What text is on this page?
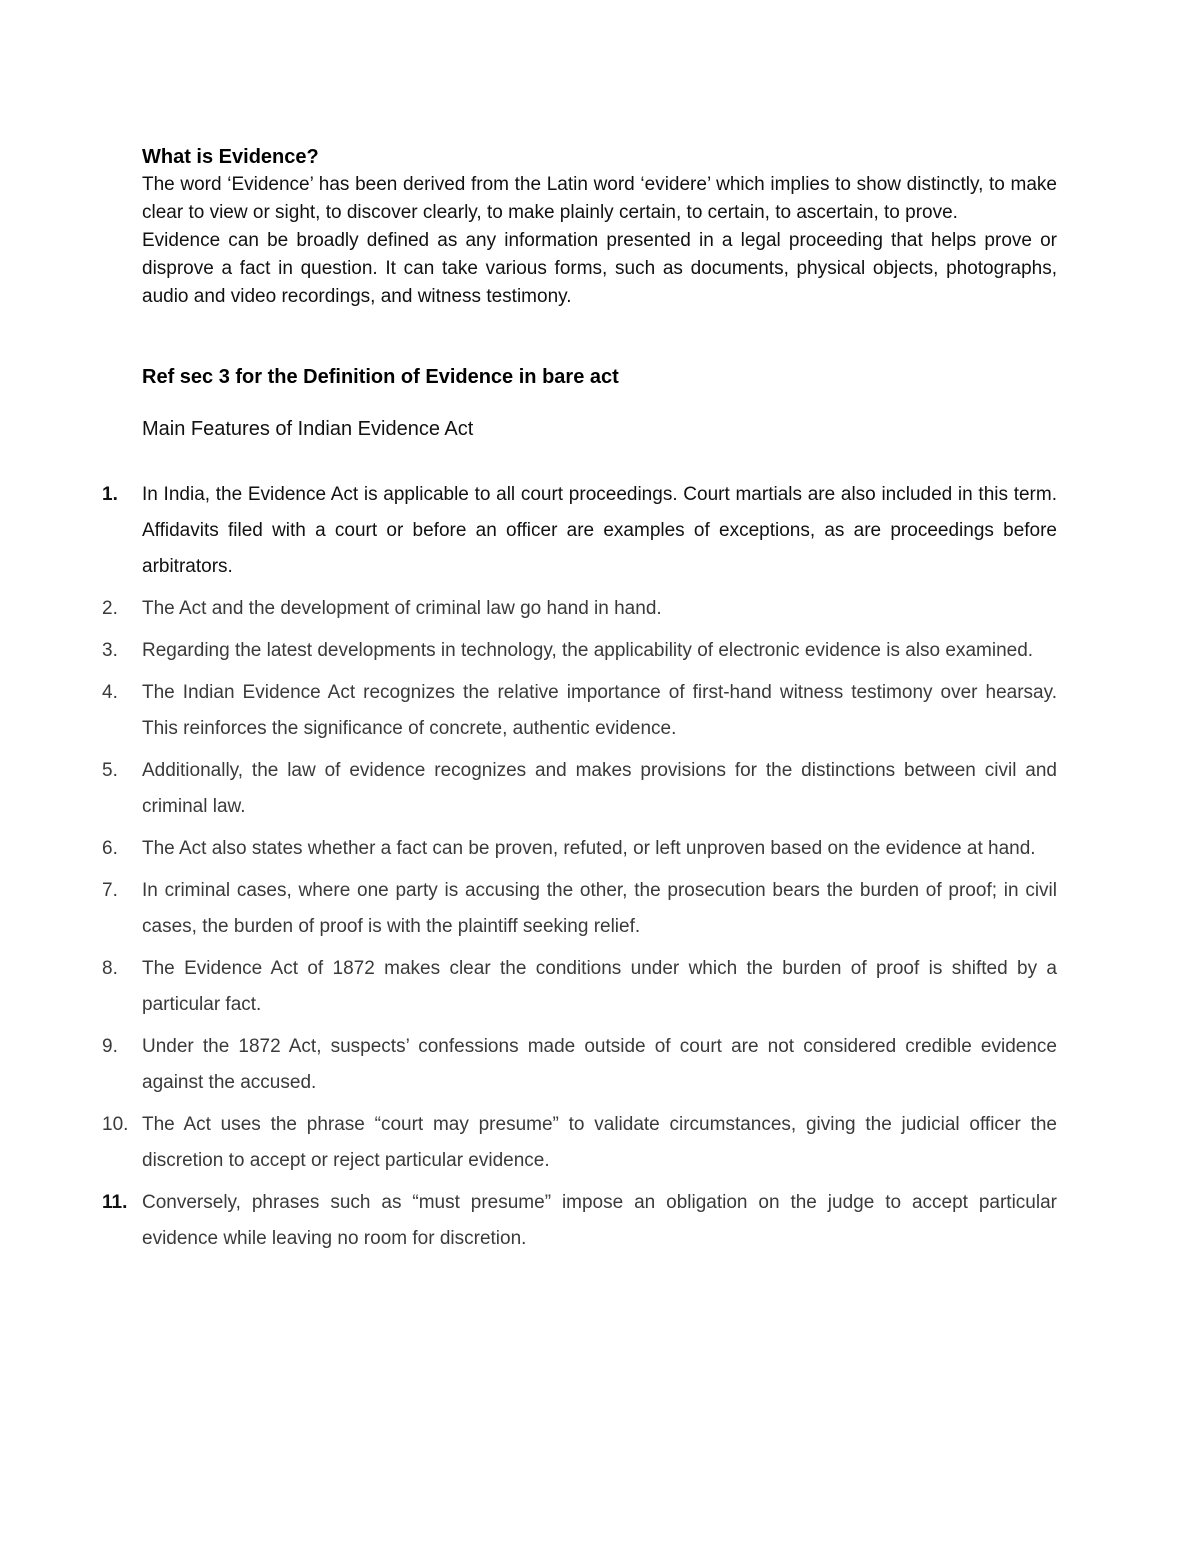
What is Evidence?

The word ‘Evidence’ has been derived from the Latin word ‘evidere’ which implies to show distinctly, to make clear to view or sight, to discover clearly, to make plainly certain, to certain, to ascertain, to prove.

Evidence can be broadly defined as any information presented in a legal proceeding that helps prove or disprove a fact in question. It can take various forms, such as documents, physical objects, photographs, audio and video recordings, and witness testimony.

Ref sec 3 for the Definition of Evidence in bare act
Main Features of Indian Evidence Act
1.	In India, the Evidence Act is applicable to all court proceedings. Court martials are also included in this term. Affidavits filed with a court or before an officer are examples of exceptions, as are proceedings before arbitrators.
2.	The Act and the development of criminal law go hand in hand.
3.	Regarding the latest developments in technology, the applicability of electronic evidence is also examined.
4.	The Indian Evidence Act recognizes the relative importance of first-hand witness testimony over hearsay. This reinforces the significance of concrete, authentic evidence.
5.	Additionally, the law of evidence recognizes and makes provisions for the distinctions between civil and criminal law.
6.	The Act also states whether a fact can be proven, refuted, or left unproven based on the evidence at hand.
7.	In criminal cases, where one party is accusing the other, the prosecution bears the burden of proof; in civil cases, the burden of proof is with the plaintiff seeking relief.
8.	The Evidence Act of 1872 makes clear the conditions under which the burden of proof is shifted by a particular fact.
9.	Under the 1872 Act, suspects’ confessions made outside of court are not considered credible evidence against the accused.
10. The Act uses the phrase “court may presume” to validate circumstances, giving the judicial officer the discretion to accept or reject particular evidence.
11. Conversely, phrases such as “must presume” impose an obligation on the judge to accept particular evidence while leaving no room for discretion.
